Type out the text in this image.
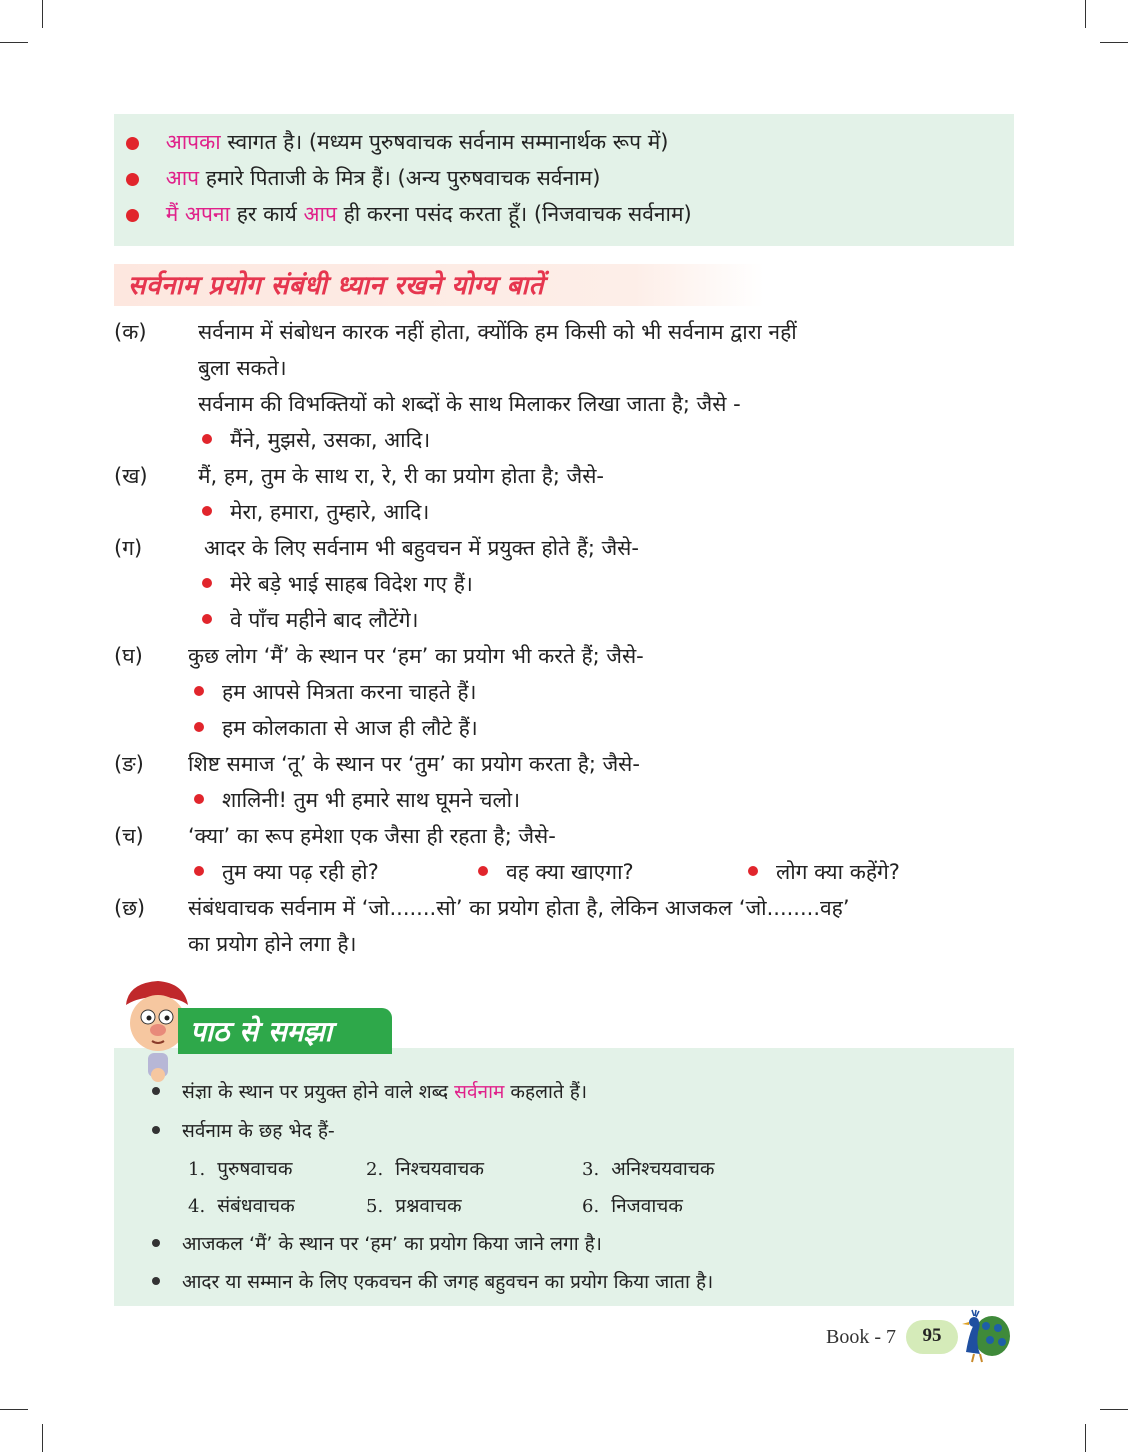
आपका स्वागत है। (मध्यम पुरुषवाचक सर्वनाम सम्मानार्थक रूप में)
आप हमारे पिताजी के मित्र हैं। (अन्य पुरुषवाचक सर्वनाम)
मैं अपना हर कार्य आप ही करना पसंद करता हूँ। (निजवाचक सर्वनाम)
सर्वनाम प्रयोग संबंधी ध्यान रखने योग्य बातें
(क) सर्वनाम में संबोधन कारक नहीं होता, क्योंकि हम किसी को भी सर्वनाम द्वारा नहीं
बुला सकते।
सर्वनाम की विभक्तियों को शब्दों के साथ मिलाकर लिखा जाता है; जैसे -
मैंने, मुझसे, उसका, आदि।
(ख) मैं, हम, तुम के साथ रा, रे, री का प्रयोग होता है; जैसे-
मेरा, हमारा, तुम्हारे, आदि।
(ग)	आदर के लिए सर्वनाम भी बहुवचन में प्रयुक्त होते हैं; जैसे-
मेरे बड़े भाई साहब विदेश गए हैं।
वे पाँच महीने बाद लौटेंगे।
(घ) कुछ लोग ‘मैं’ के स्थान पर ‘हम’ का प्रयोग भी करते हैं; जैसे-
हम आपसे मित्रता करना चाहते हैं।
हम कोलकाता से आज ही लौटे हैं।
(ङ) शिष्ट समाज ‘तू’ के स्थान पर ‘तुम’ का प्रयोग करता है; जैसे-
शालिनी! तुम भी हमारे साथ घूमने चलो।
(च) ‘क्या’ का रूप हमेशा एक जैसा ही रहता है; जैसे-
तुम क्या पढ़ रही हो?	वह क्या खाएगा?	लोग क्या कहेंगे?
(छ) संबंधवाचक सर्वनाम में ‘जो.......सो’ का प्रयोग होता है, लेकिन आजकल ‘जो........वह’
का प्रयोग होने लगा है।
पाठ से समझा
संज्ञा के स्थान पर प्रयुक्त होने वाले शब्द सर्वनाम कहलाते हैं।
सर्वनाम के छह भेद हैं-
1. पुरुषवाचक	2. निश्चयवाचक	3. अनिश्चयवाचक
4. संबंधवाचक	5. प्रश्नवाचक	6. निजवाचक
आजकल ‘मैं’ के स्थान पर ‘हम’ का प्रयोग किया जाने लगा है।
आदर या सम्मान के लिए एकवचन की जगह बहुवचन का प्रयोग किया जाता है।
Book - 7	95
